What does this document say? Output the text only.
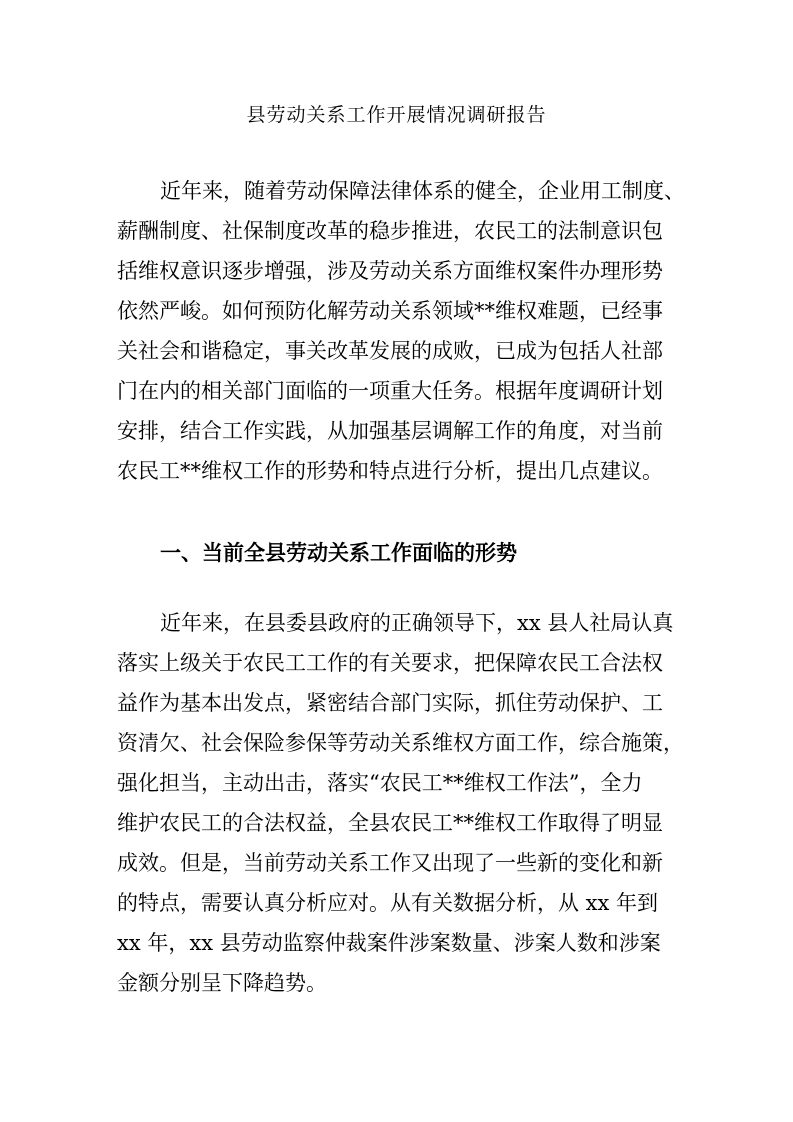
县劳动关系工作开展情况调研报告
近年来，随着劳动保障法律体系的健全，企业用工制度、
薪酬制度、社保制度改革的稳步推进，农民工的法制意识包
括维权意识逐步增强，涉及劳动关系方面维权案件办理形势
依然严峻。如何预防化解劳动关系领域**维权难题，已经事
关社会和谐稳定，事关改革发展的成败，已成为包括人社部
门在内的相关部门面临的一项重大任务。根据年度调研计划
安排，结合工作实践，从加强基层调解工作的角度，对当前
农民工**维权工作的形势和特点进行分析，提出几点建议。
一、当前全县劳动关系工作面临的形势
近年来，在县委县政府的正确领导下，xx 县人社局认真
落实上级关于农民工工作的有关要求，把保障农民工合法权
益作为基本出发点，紧密结合部门实际，抓住劳动保护、工
资清欠、社会保险参保等劳动关系维权方面工作，综合施策，
强化担当，主动出击，落实“农民工**维权工作法”，全力
维护农民工的合法权益，全县农民工**维权工作取得了明显
成效。但是，当前劳动关系工作又出现了一些新的变化和新
的特点，需要认真分析应对。从有关数据分析，从 xx 年到
xx 年，xx 县劳动监察仲裁案件涉案数量、涉案人数和涉案
金额分别呈下降趋势。
